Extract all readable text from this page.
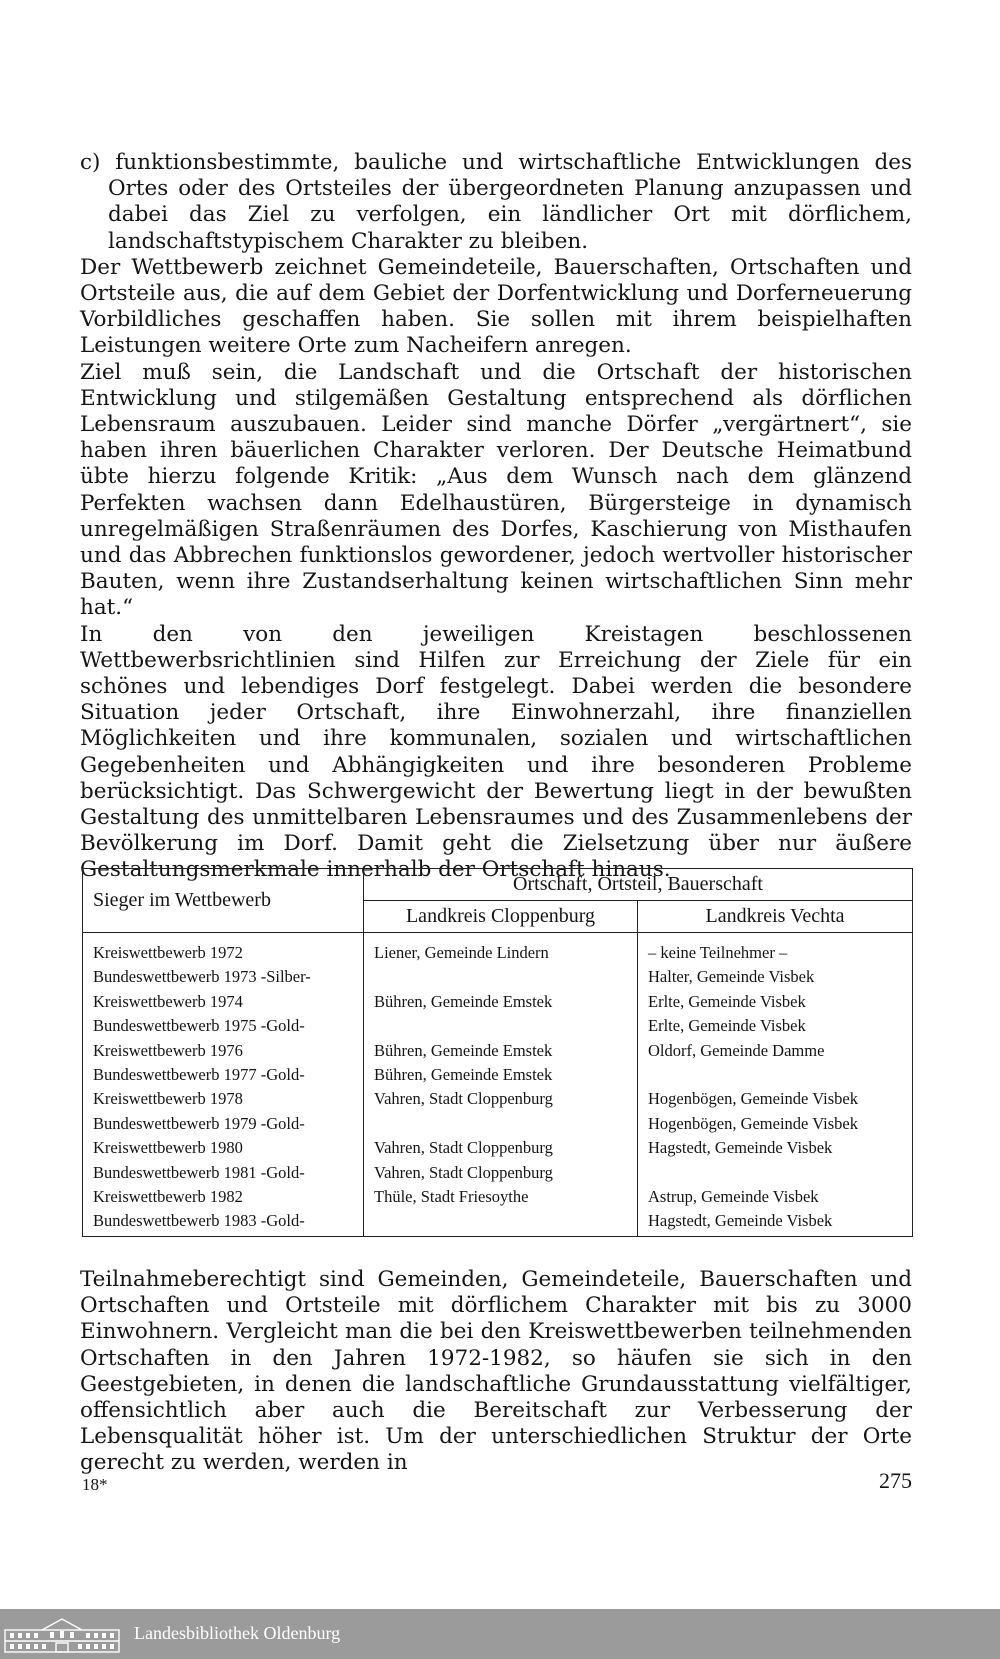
c) funktionsbestimmte, bauliche und wirtschaftliche Entwicklungen des Ortes oder des Ortsteiles der übergeordneten Planung anzupassen und dabei das Ziel zu verfolgen, ein ländlicher Ort mit dörflichem, landschaftstypischem Charakter zu bleiben.

Der Wettbewerb zeichnet Gemeindeteile, Bauerschaften, Ortschaften und Ortsteile aus, die auf dem Gebiet der Dorfentwicklung und Dorferneuerung Vorbildliches geschaffen haben. Sie sollen mit ihrem beispielhaften Leistungen weitere Orte zum Nacheifern anregen.

Ziel muß sein, die Landschaft und die Ortschaft der historischen Entwicklung und stilgemäßen Gestaltung entsprechend als dörflichen Lebensraum auszubauen. Leider sind manche Dörfer „vergärtnert“, sie haben ihren bäuerlichen Charakter verloren. Der Deutsche Heimatbund übte hierzu folgende Kritik: „Aus dem Wunsch nach dem glänzend Perfekten wachsen dann Edelhaustüren, Bürgersteige in dynamisch unregelmäßigen Straßenräumen des Dorfes, Kaschierung von Misthaufen und das Abbrechen funktionslos gewordener, jedoch wertvoller historischer Bauten, wenn ihre Zustandserhaltung keinen wirtschaftlichen Sinn mehr hat.“

In den von den jeweiligen Kreistagen beschlossenen Wettbewerbsrichtlinien sind Hilfen zur Erreichung der Ziele für ein schönes und lebendiges Dorf festgelegt. Dabei werden die besondere Situation jeder Ortschaft, ihre Einwohnerzahl, ihre finanziellen Möglichkeiten und ihre kommunalen, sozialen und wirtschaftlichen Gegebenheiten und Abhängigkeiten und ihre besonderen Probleme berücksichtigt. Das Schwergewicht der Bewertung liegt in der bewußten Gestaltung des unmittelbaren Lebensraumes und des Zusammenlebens der Bevölkerung im Dorf. Damit geht die Zielsetzung über nur äußere Gestaltungsmerkmale innerhalb der Ortschaft hinaus.

Sieger im Wettbewerb	Ortschaft, Ortsteil, Bauerschaft	
	Landkreis Cloppenburg	Landkreis Vechta
Kreiswettbewerb 1972	Liener, Gemeinde Lindern	– keine Teilnehmer –
Bundeswettbewerb 1973 -Silber-		Halter, Gemeinde Visbek
Kreiswettbewerb 1974	Bühren, Gemeinde Emstek	Erlte, Gemeinde Visbek
Bundeswettbewerb 1975 -Gold-		Erlte, Gemeinde Visbek
Kreiswettbewerb 1976	Bühren, Gemeinde Emstek	Oldorf, Gemeinde Damme
Bundeswettbewerb 1977 -Gold-	Bühren, Gemeinde Emstek	
Kreiswettbewerb 1978	Vahren, Stadt Cloppenburg	Hogenbögen, Gemeinde Visbek
Bundeswettbewerb 1979 -Gold-		Hogenbögen, Gemeinde Visbek
Kreiswettbewerb 1980	Vahren, Stadt Cloppenburg	Hagstedt, Gemeinde Visbek
Bundeswettbewerb 1981 -Gold-	Vahren, Stadt Cloppenburg	
Kreiswettbewerb 1982	Thüle, Stadt Friesoythe	Astrup, Gemeinde Visbek
Bundeswettbewerb 1983 -Gold-		Hagstedt, Gemeinde Visbek

Teilnahmeberechtigt sind Gemeinden, Gemeindeteile, Bauerschaften und Ortschaften und Ortsteile mit dörflichem Charakter mit bis zu 3000 Einwohnern. Vergleicht man die bei den Kreiswettbewerben teilnehmenden Ortschaften in den Jahren 1972-1982, so häufen sie sich in den Geestgebieten, in denen die landschaftliche Grundausstattung vielfältiger, offensichtlich aber auch die Bereitschaft zur Verbesserung der Lebensqualität höher ist. Um der unterschiedlichen Struktur der Orte gerecht zu werden, werden in

18*	275
Landesbibliothek Oldenburg
